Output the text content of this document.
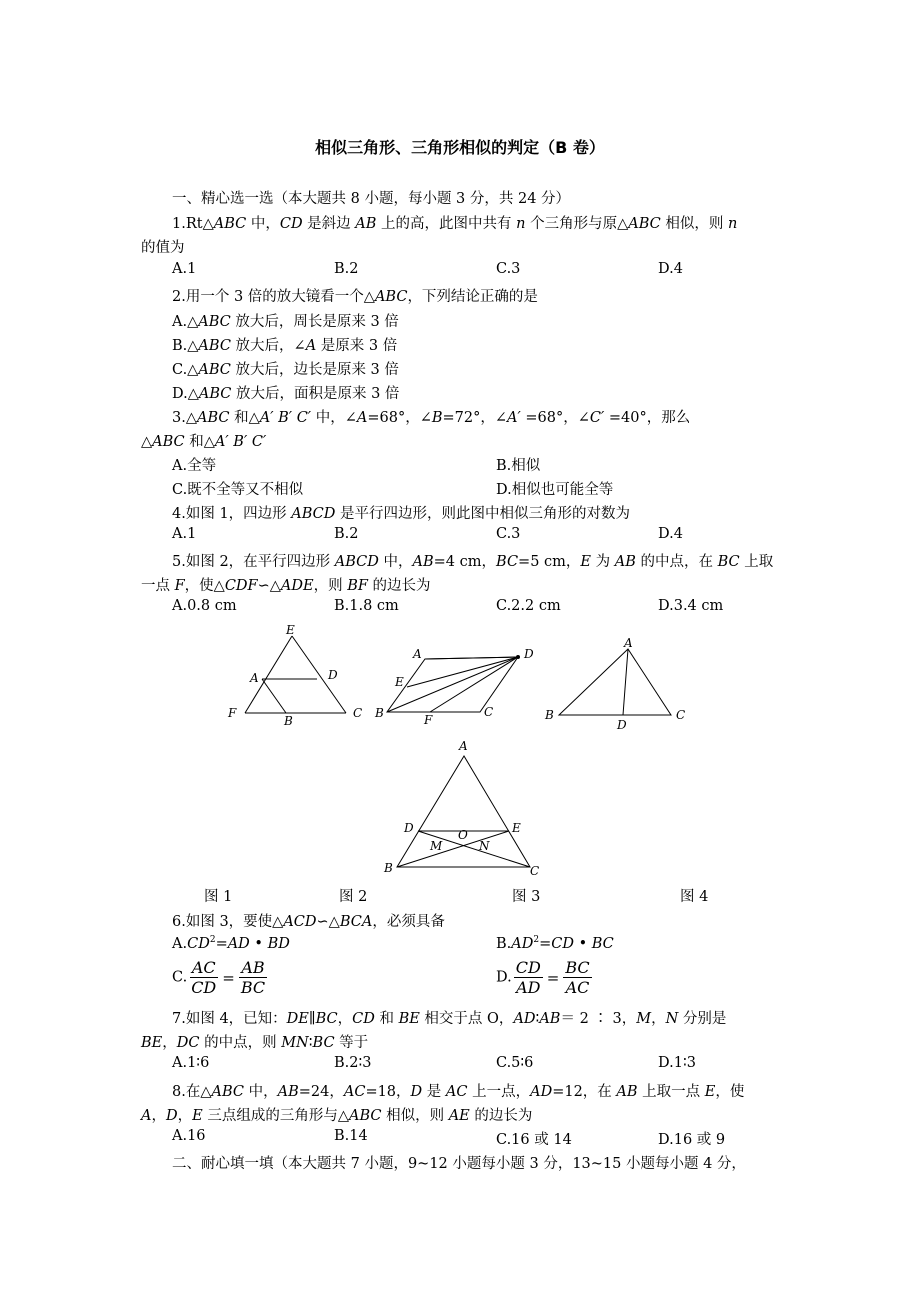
相似三角形、三角形相似的判定（B 卷）
一、精心选一选（本大题共 8 小题，每小题 3 分，共 24 分）
1.Rt△ABC 中，CD 是斜边 AB 上的高，此图中共有 n 个三角形与原△ABC 相似，则 n
的值为
A.1	B.2	C.3	D.4
2.用一个 3 倍的放大镜看一个△ABC，下列结论正确的是
A.△ABC 放大后，周长是原来 3 倍
B.△ABC 放大后，∠A 是原来 3 倍
C.△ABC 放大后，边长是原来 3 倍
D.△ABC 放大后，面积是原来 3 倍
3.△ABC 和△A′ B′ C′ 中，∠A=68°，∠B=72°，∠A′ =68°，∠C′ =40°，那么
△ABC 和△A′ B′ C′
A.全等	B.相似
C.既不全等又不相似	D.相似也可能全等
4.如图 1，四边形 ABCD 是平行四边形，则此图中相似三角形的对数为
A.1	B.2	C.3	D.4
5.如图 2，在平行四边形 ABCD 中，AB=4 cm，BC=5 cm，E 为 AB 的中点，在 BC 上取
一点 F，使△CDF∽△ADE，则 BF 的边长为
A.0.8 cm	B.1.8 cm	C.2.2 cm	D.3.4 cm
E
A	D
F
B
C
A	D
E
B	F
C
A
B
D
C
A
D	O	E
M	N
B	C
图 1	图 2	图 3	图 4
6.如图 3，要使△ACD∽△BCA，必须具备
$A.CD^2=AD$ • BD	$B.AD^2=CD$ • BC
C. $\frac{AC}{CD} = \frac{AB}{BC}$	D. $\frac{CD}{AD} = \frac{BC}{AC}$
7.如图 4，已知：DE∥BC，CD 和 BE 相交于点 O，AD∶AB＝ 2 ∶ 3，M，N 分别是
BE，DC 的中点，则 MN∶BC 等于
A.1∶6	B.2∶3	C.5∶6	D.1∶3
8.在△ABC 中，AB=24，AC=18，D 是 AC 上一点，AD=12，在 AB 上取一点 E，使
A，D，E 三点组成的三角形与△ABC 相似，则 AE 的边长为
A.16	B.14	C.16 或 14	D.16 或 9
二、耐心填一填（本大题共 7 小题，9~12 小题每小题 3 分，13~15 小题每小题 4 分，
